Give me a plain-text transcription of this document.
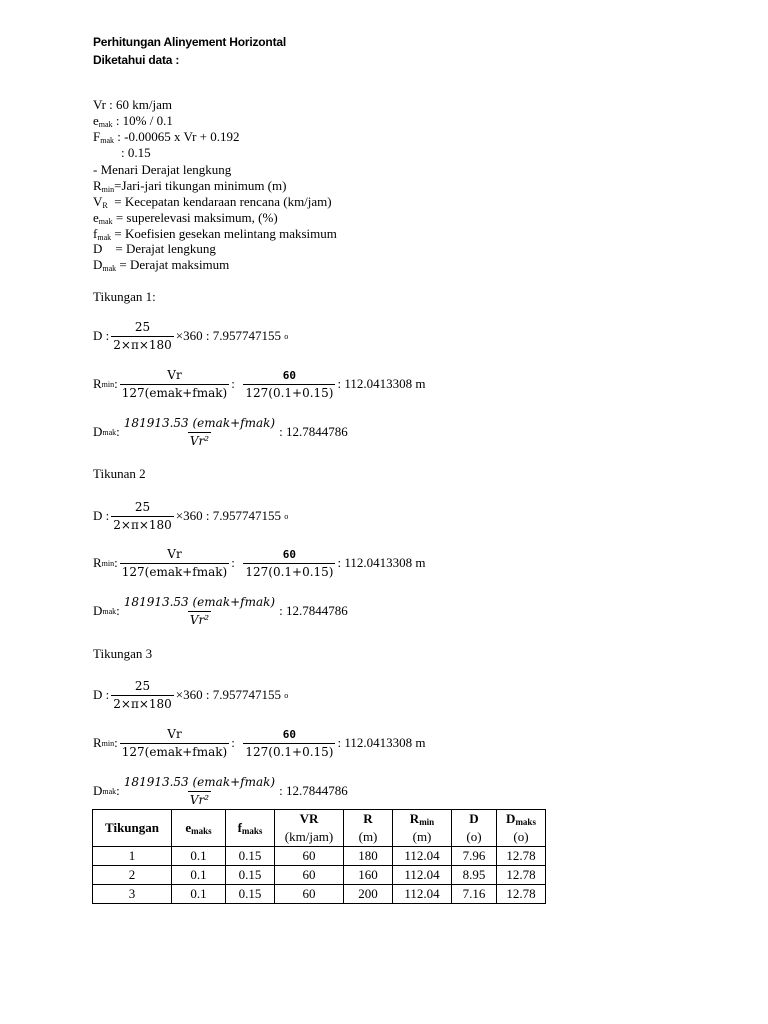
Perhitungan Alinyement Horizontal
Diketahui data :
Vr : 60 km/jam
$e_{mak}$ : 10% / 0.1
$F_{mak}$ : -0.00065 x Vr + 0.192
: 0.15
- Menari Derajat lengkung
$R_{min}=Jari$-jari tikungan minimum (m)
$V_R$  = Kecepatan kendaraan rencana (km/jam)
$e_{mak}$ = superelevasi maksimum, (%)
$f_{mak}$ = Koefisien gesekan melintang maksimum
D    = Derajat lengkung
$D_{mak}$ = Derajat maksimum
Tikungan 1:
D : $\frac{25}{2\times\pi\times 180} \times 360$ : 7.957747155
o
R min : $\frac{Vr}{\text{127(emak+fmak)}}$ :
$\frac{60}{127(0.1+0.15)}$ : 112.0413308 m
D mak : $\frac{\text{181913.53 (emak+fmak)}}{\text{Vr²}}$ : 12.7844786
Tikunan 2
D : $\frac{25}{2\times\pi\times 180} \times 360$ : 7.957747155
o
R min : $\frac{Vr}{\text{127(emak+fmak)}}$ :
$\frac{60}{127(0.1+0.15)}$ : 112.0413308 m
D mak : $\frac{\text{181913.53 (emak+fmak)}}{\text{Vr²}}$ : 12.7844786
Tikungan 3
D : $\frac{25}{2\times\pi\times 180} \times 360$ : 7.957747155
o
R min : $\frac{Vr}{\text{127(emak+fmak)}}$ :
$\frac{60}{127(0.1+0.15)}$ : 112.0413308 m
D mak : $\frac{\text{181913.53 (emak+fmak)}}{\text{Vr²}}$ : 12.7844786
Tikungan	emaks	fmaks	VR	R	Rmin	D	Dmaks
			(km/jam)	(m)	(m)	(o)	(o)
1	0.1	0.15	60	180	112.04	7.96	12.78
2	0.1	0.15	60	160	112.04	8.95	12.78
3	0.1	0.15	60	200	112.04	7.16	12.78
